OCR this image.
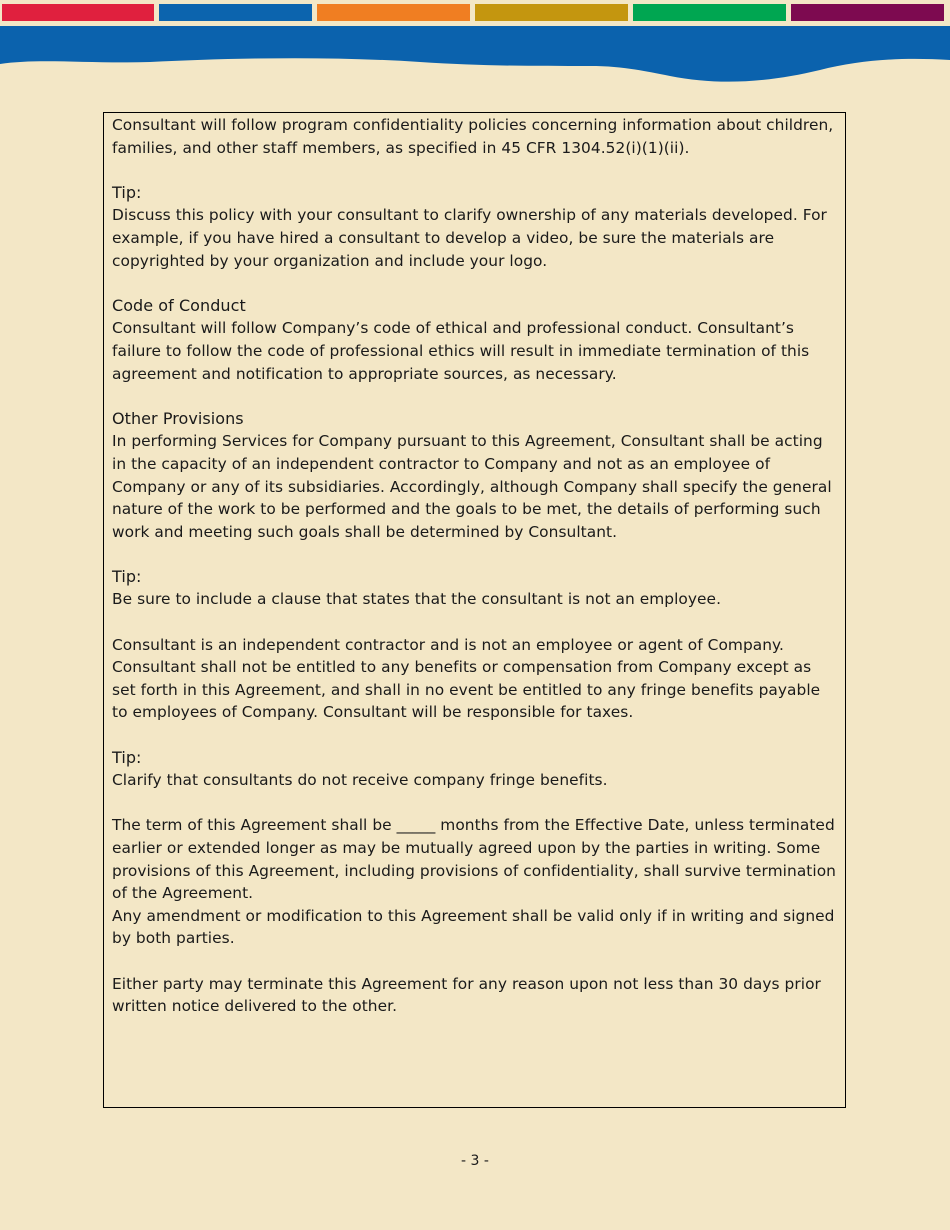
Consultant will follow program confidentiality policies concerning information about children, families, and other staff members, as specified in 45 CFR 1304.52(i)(1)(ii).

Tip:

Discuss this policy with your consultant to clarify ownership of any materials developed. For example, if you have hired a consultant to develop a video, be sure the materials are copyrighted by your organization and include your logo.

Code of Conduct

Consultant will follow Company’s code of ethical and professional conduct. Consultant’s failure to follow the code of professional ethics will result in immediate termination of this agreement and notification to appropriate sources, as necessary.

Other Provisions

In performing Services for Company pursuant to this Agreement, Consultant shall be acting in the capacity of an independent contractor to Company and not as an employee of Company or any of its subsidiaries. Accordingly, although Company shall specify the general nature of the work to be performed and the goals to be met, the details of performing such work and meeting such goals shall be determined by Consultant.

Tip:

Be sure to include a clause that states that the consultant is not an employee.

Consultant is an independent contractor and is not an employee or agent of Company. Consultant shall not be entitled to any benefits or compensation from Company except as set forth in this Agreement, and shall in no event be entitled to any fringe benefits payable to employees of Company. Consultant will be responsible for taxes.

Tip:

Clarify that consultants do not receive company fringe benefits.

The term of this Agreement shall be _____ months from the Effective Date, unless terminated earlier or extended longer as may be mutually agreed upon by the parties in writing. Some provisions of this Agreement, including provisions of confidentiality, shall survive termination of the Agreement.

Any amendment or modification to this Agreement shall be valid only if in writing and signed by both parties.

Either party may terminate this Agreement for any reason upon not less than 30 days prior written notice delivered to the other.

- 3 -
